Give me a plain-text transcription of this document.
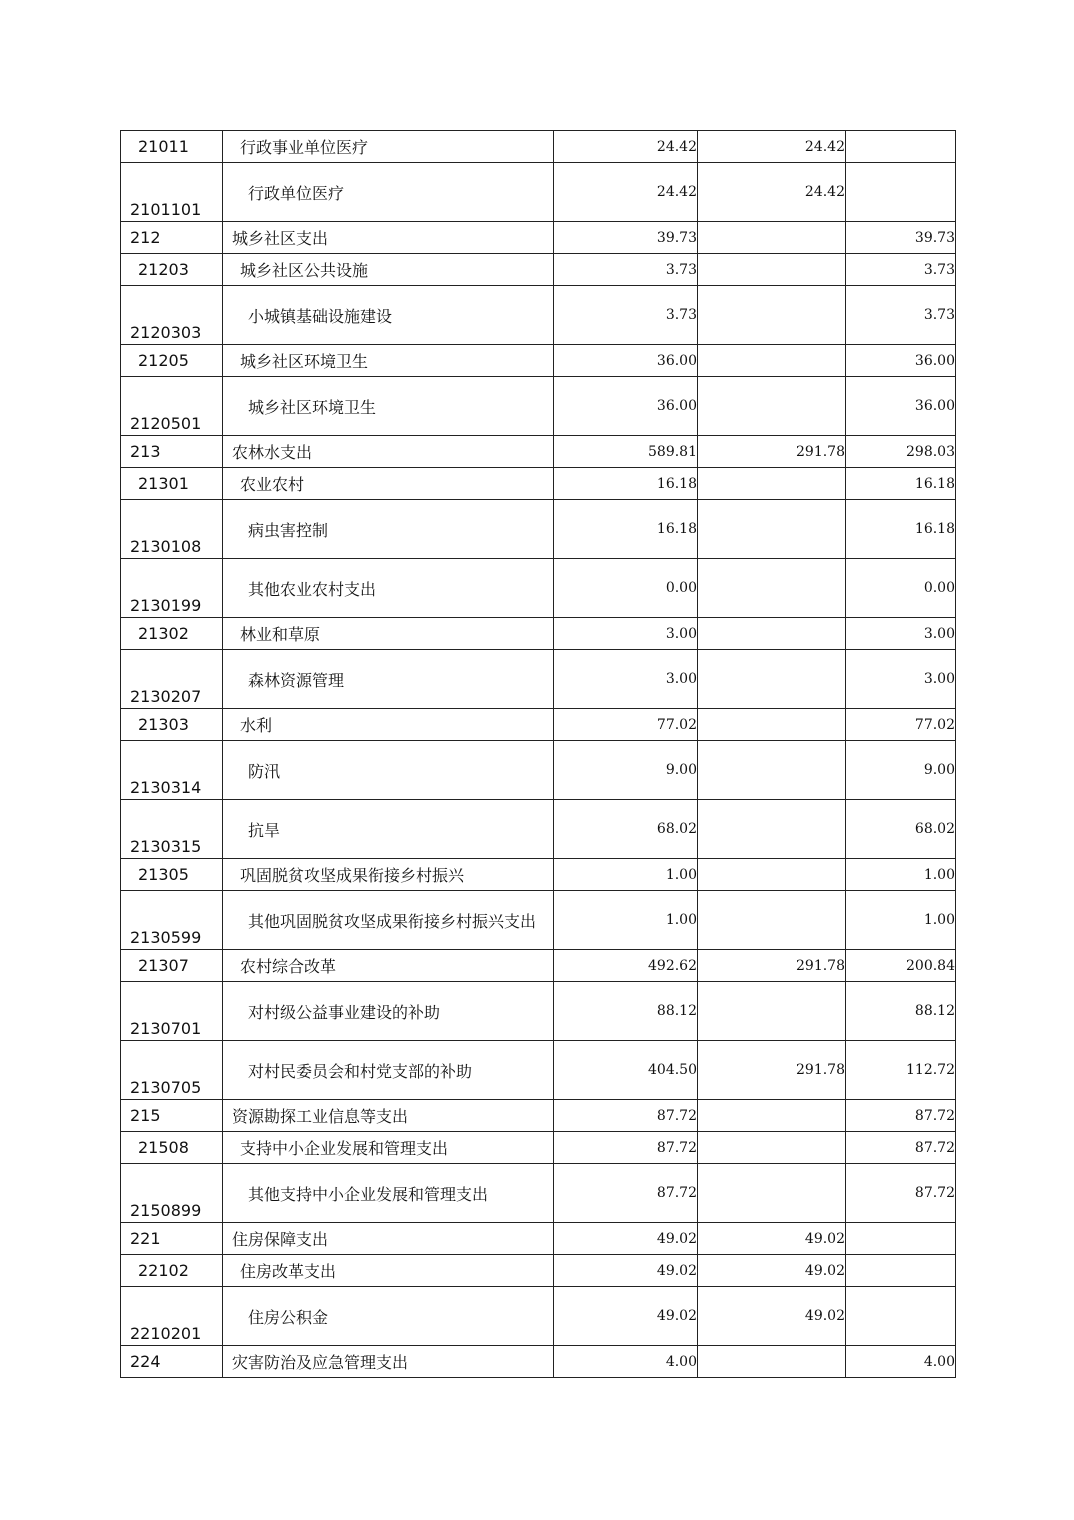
21011	行政事业单位医疗	24.42	24.42	
2101101	行政单位医疗	24.42	24.42	
212	城乡社区支出	39.73		39.73
21203	城乡社区公共设施	3.73		3.73
2120303	小城镇基础设施建设	3.73		3.73
21205	城乡社区环境卫生	36.00		36.00
2120501	城乡社区环境卫生	36.00		36.00
213	农林水支出	589.81	291.78	298.03
21301	农业农村	16.18		16.18
2130108	病虫害控制	16.18		16.18
2130199	其他农业农村支出	0.00		0.00
21302	林业和草原	3.00		3.00
2130207	森林资源管理	3.00		3.00
21303	水利	77.02		77.02
2130314	防汛	9.00		9.00
2130315	抗旱	68.02		68.02
21305	巩固脱贫攻坚成果衔接乡村振兴	1.00		1.00
2130599	其他巩固脱贫攻坚成果衔接乡村振兴支出	1.00		1.00
21307	农村综合改革	492.62	291.78	200.84
2130701	对村级公益事业建设的补助	88.12		88.12
2130705	对村民委员会和村党支部的补助	404.50	291.78	112.72
215	资源勘探工业信息等支出	87.72		87.72
21508	支持中小企业发展和管理支出	87.72		87.72
2150899	其他支持中小企业发展和管理支出	87.72		87.72
221	住房保障支出	49.02	49.02	
22102	住房改革支出	49.02	49.02	
2210201	住房公积金	49.02	49.02	
224	灾害防治及应急管理支出	4.00		4.00
